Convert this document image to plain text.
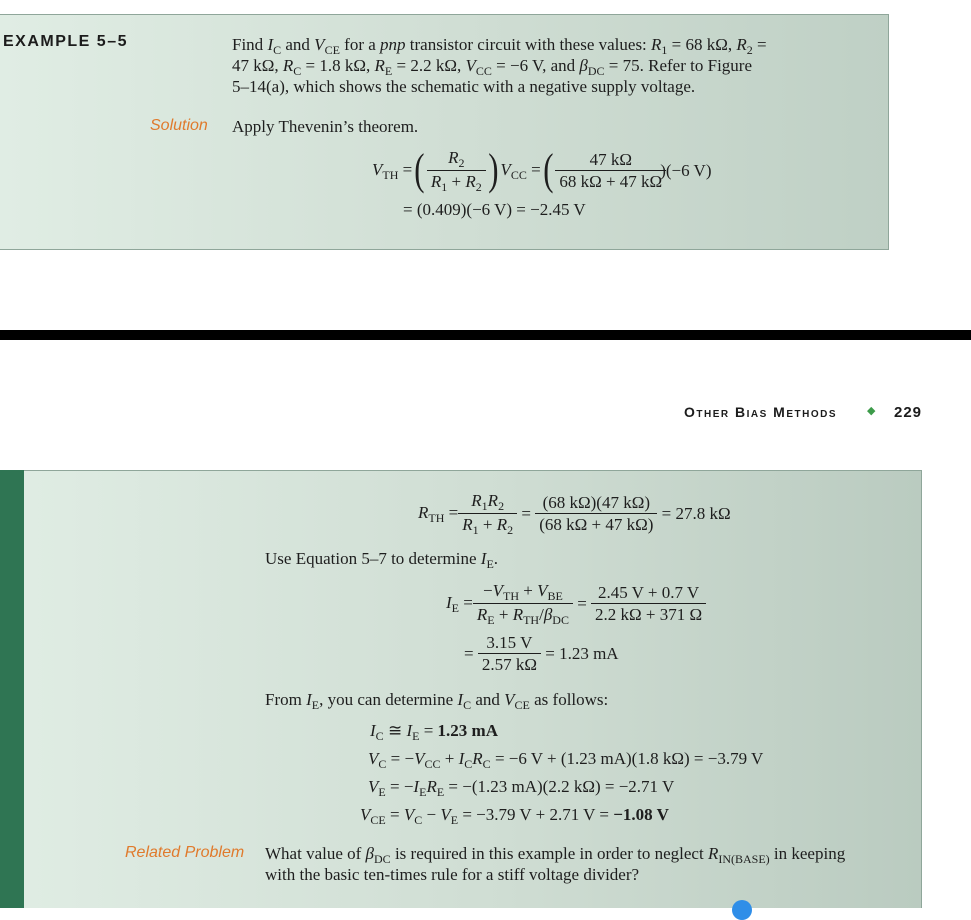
EXAMPLE 5–5	Find $I_C$ and $V_{CE}$ for a pnp transistor circuit with these values: $R_1 = 68$ kΩ, $R_2$ =
47 kΩ, $R_C = 1.8$ kΩ, $R_E = 2.2$ kΩ, $V_{CC} = -6$ V, and $\beta_{DC} = 75$. Refer to Figure
5–14(a), which shows the schematic with a negative supply voltage.
Solution Apply Thevenin’s theorem.
$V_{TH}$ = ( $\frac{R_2}{R_1 + R_2}$ ) $V_{CC}$ = ( $\frac{47 k\Omega}{68 k\Omega + 47 k\Omega}$
)(−6 V)
= (0.409)(−6 V) = −2.45 V
Other Bias Methods	◆ 229
$R_{TH} = \frac{R_1R_2}{R_1 + R_2} = \frac{(68 k\Omega)(47 k\Omega)}{(68 k\Omega + 47 k\Omega)}$
= 27.8 kΩ
Use Equation 5–7 to determine $I_E$.
$I_E = \frac{-V_{TH} + V_{BE}}{R_E + R_{TH}/\beta_{DC}} = \frac{2.45 V + 0.7 V}{2.2 k\Omega + 371 \Omega}$
= $\frac{3.15 V}{2.57 k\Omega}$
= 1.23 mA
From $I_E$, you can determine $I_C$ and $V_{CE}$ as follows:
$I_C$ ≅ $I_E = 1.23$ mA
$V_C = -V_{CC} + I_CR_C = -6$ V + (1.23 mA)(1.8 kΩ) = −3.79 V
$V_E = -I_ER_E = -(1.23$ mA)(2.2 kΩ) = −2.71 V
$V_{CE} = V_C - V_E = -3.79$ V + 2.71 V = −1.08 V
Related Problem What value of $\beta_{DC}$ is required in this example in order to neglect $R_{IN(BASE)}$ in keeping
with the basic ten-times rule for a stiff voltage divider?
